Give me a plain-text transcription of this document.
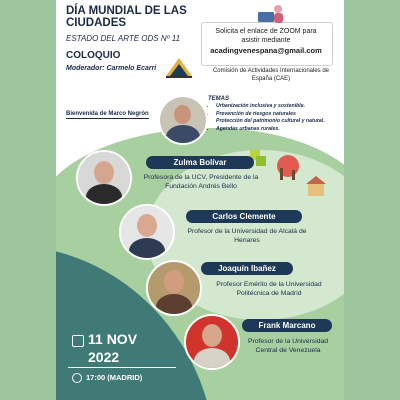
DÍA MUNDIAL DE LAS CIUDADES

ESTADO DEL ARTE ODS Nº 11

COLOQUIO

Moderador: Carmelo Ecarri

Solicita el enlace de ZOOM para asistir mediante

acadingvenespana@gmail.com

Comisión de Actividades Internacionales de España (CAE)

TEMAS

• Urbanización inclusiva y sostenible.
• Prevención de riesgos naturales
• Protección del patrimonio cultural y natural.
• Agendas urbanas rurales.

Bienvenida de Marco Negrón

Zulma Bolívar
Profesora de la UCV, Presidente de la Fundación Andrés Bello
Carlos Clemente
Profesor de la Universidad de Alcalá de Henares
Joaquín Ibañez
Profesor Emérito de la Universidad Politécnica de Madrid
Frank Marcano
Profesor de la Universidad Central de Venezuela

11 NOV

2022

17:00 (MADRID)
